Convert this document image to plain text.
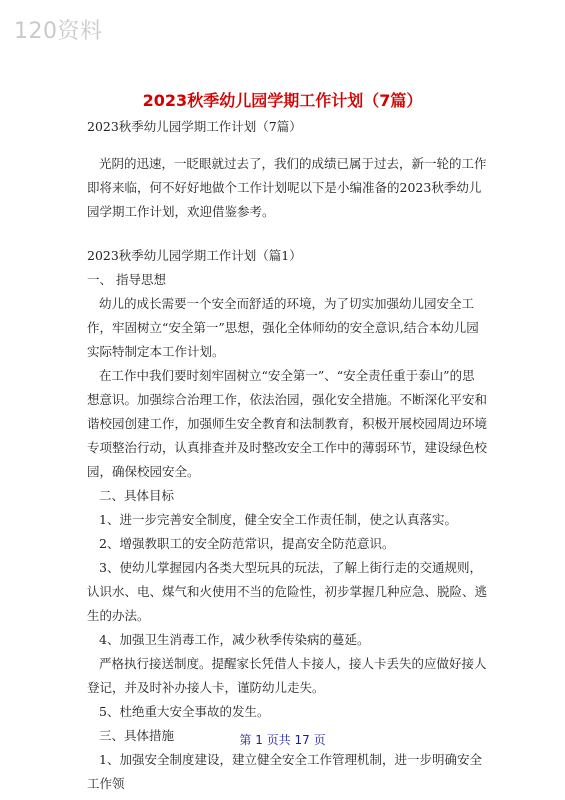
120资料
2023秋季幼儿园学期工作计划（7篇）
2023秋季幼儿园学期工作计划（7篇）
光阴的迅速，一眨眼就过去了，我们的成绩已属于过去，新一轮的工作即将来临，何不好好地做个工作计划呢以下是小编准备的2023秋季幼儿园学期工作计划，欢迎借鉴参考。

2023秋季幼儿园学期工作计划（篇1）

一、 指导思想

幼儿的成长需要一个安全而舒适的环境，为了切实加强幼儿园安全工作，牢固树立“安全第一”思想，强化全体师幼的安全意识,结合本幼儿园实际特制定本工作计划。

在工作中我们要时刻牢固树立“安全第一”、“安全责任重于泰山”的思想意识。加强综合治理工作，依法治园，强化安全措施。不断深化平安和谐校园创建工作，加强师生安全教育和法制教育，积极开展校园周边环境专项整治行动，认真排查并及时整改安全工作中的薄弱环节，建设绿色校园，确保校园安全。

二、具体目标

1、进一步完善安全制度，健全安全工作责任制，使之认真落实。

2、增强教职工的安全防范常识，提高安全防范意识。

3、使幼儿掌握园内各类大型玩具的玩法，了解上街行走的交通规则，认识水、电、煤气和火使用不当的危险性，初步掌握几种应急、脱险、逃生的办法。

4、加强卫生消毒工作，减少秋季传染病的蔓延。

严格执行接送制度。提醒家长凭借人卡接人，接人卡丢失的应做好接人登记，并及时补办接人卡，谨防幼儿走失。

5、杜绝重大安全事故的发生。

三、具体措施

1、加强安全制度建设，建立健全安全工作管理机制，进一步明确安全工作领

第 1 页共 17 页
